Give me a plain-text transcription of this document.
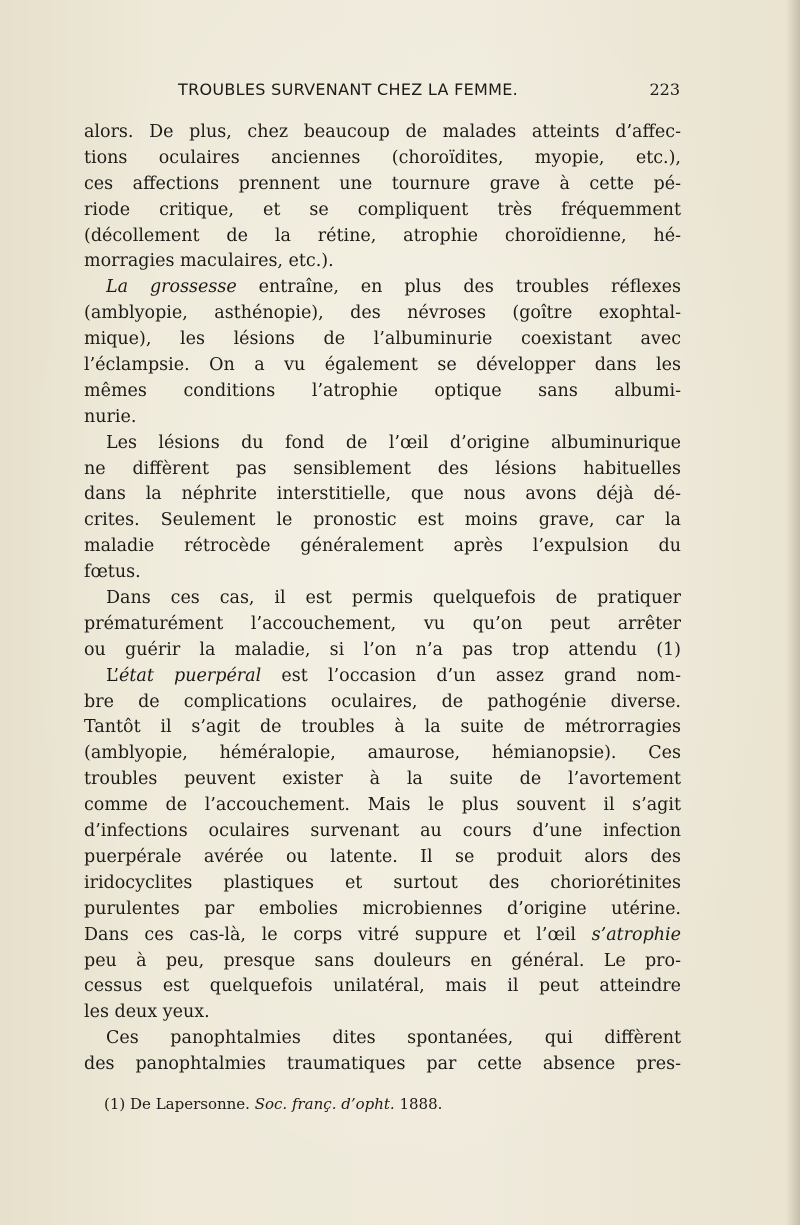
TROUBLES SURVENANT CHEZ LA FEMME.	223
alors. De plus, chez beaucoup de malades atteints d’affec-
tions oculaires anciennes (choroïdites, myopie, etc.),
ces affections prennent une tournure grave à cette pé-
riode critique, et se compliquent très fréquemment
(décollement de la rétine, atrophie choroïdienne, hé-
morragies maculaires, etc.).
La grossesse entraîne, en plus des troubles réflexes
(amblyopie, asthénopie), des névroses (goître exophtal-
mique), les lésions de l’albuminurie coexistant avec
l’éclampsie. On a vu également se développer dans les
mêmes conditions l’atrophie optique sans albumi-
nurie.
Les lésions du fond de l’œil d’origine albuminurique
ne diffèrent pas sensiblement des lésions habituelles
dans la néphrite interstitielle, que nous avons déjà dé-
crites. Seulement le pronostic est moins grave, car la
maladie rétrocède généralement après l’expulsion du
fœtus.
Dans ces cas, il est permis quelquefois de pratiquer
prématurément l’accouchement, vu qu’on peut arrêter
ou guérir la maladie, si l’on n’a pas trop attendu (1)
L’état puerpéral est l’occasion d’un assez grand nom-
bre de complications oculaires, de pathogénie diverse.
Tantôt il s’agit de troubles à la suite de métrorragies
(amblyopie, héméralopie, amaurose, hémianopsie). Ces
troubles peuvent exister à la suite de l’avortement
comme de l’accouchement. Mais le plus souvent il s’agit
d’infections oculaires survenant au cours d’une infection
puerpérale avérée ou latente. Il se produit alors des
iridocyclites plastiques et surtout des choriorétinites
purulentes par embolies microbiennes d’origine utérine.
Dans ces cas-là, le corps vitré suppure et l’œil s’atrophie
peu à peu, presque sans douleurs en général. Le pro-
cessus est quelquefois unilatéral, mais il peut atteindre
les deux yeux.
Ces panophtalmies dites spontanées, qui diffèrent
des panophtalmies traumatiques par cette absence pres-
(1) De Lapersonne. Soc. franç. d’opht. 1888.
